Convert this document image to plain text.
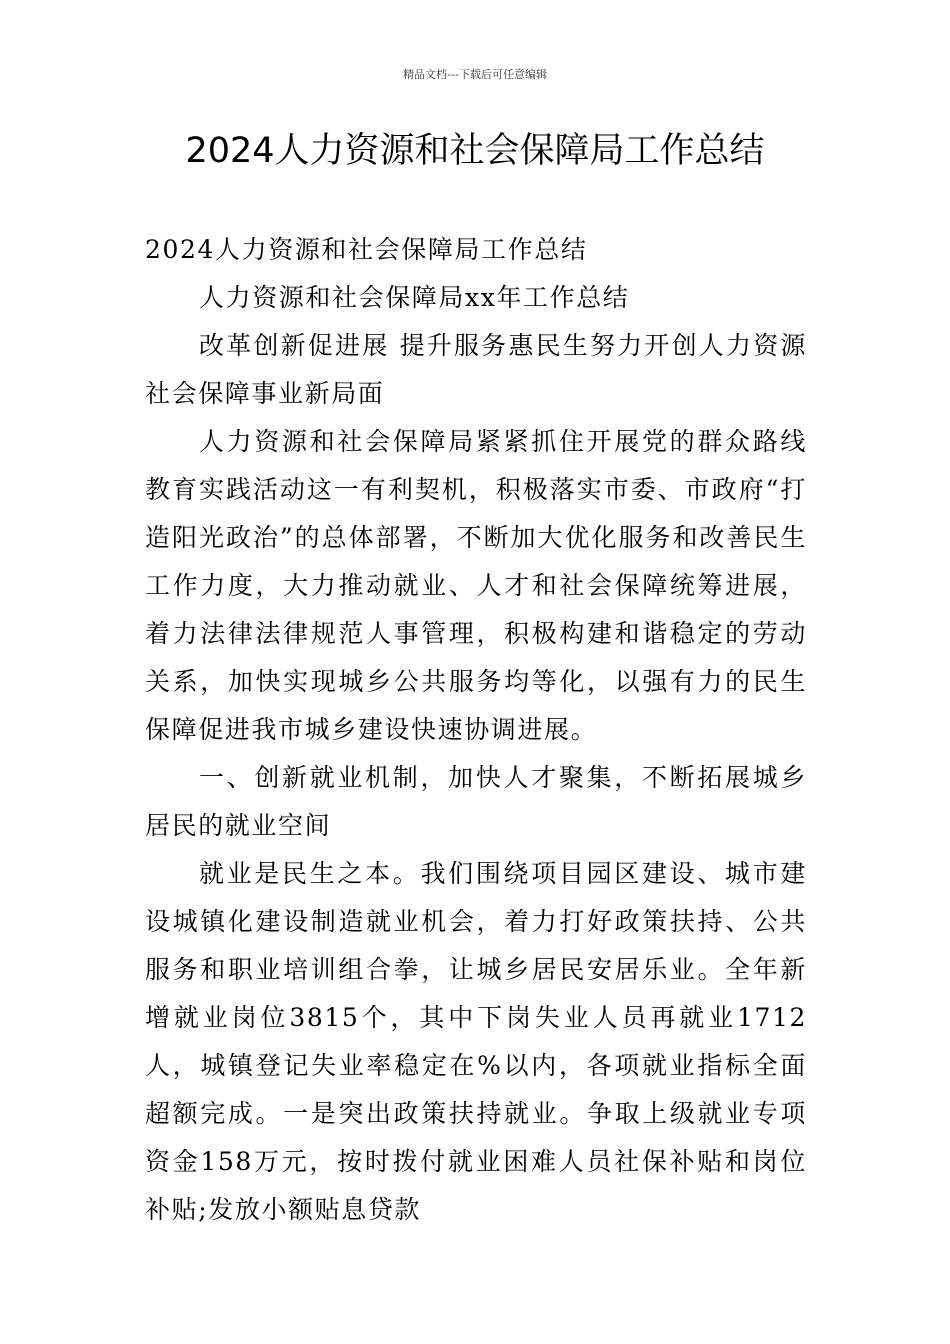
精品文档---下载后可任意编辑
2024人力资源和社会保障局工作总结

2024人力资源和社会保障局工作总结

人力资源和社会保障局xx年工作总结

改革创新促进展 提升服务惠民生努力开创人力资源社会保障事业新局面

人力资源和社会保障局紧紧抓住开展党的群众路线教育实践活动这一有利契机，积极落实市委、市政府“打造阳光政治”的总体部署，不断加大优化服务和改善民生工作力度，大力推动就业、人才和社会保障统筹进展，着力法律法律规范人事管理，积极构建和谐稳定的劳动关系，加快实现城乡公共服务均等化，以强有力的民生保障促进我市城乡建设快速协调进展。

一、创新就业机制，加快人才聚集，不断拓展城乡居民的就业空间

就业是民生之本。我们围绕项目园区建设、城市建设城镇化建设制造就业机会，着力打好政策扶持、公共服务和职业培训组合拳，让城乡居民安居乐业。全年新增就业岗位3815个，其中下岗失业人员再就业1712人，城镇登记失业率稳定在%以内，各项就业指标全面超额完成。一是突出政策扶持就业。争取上级就业专项资金158万元，按时拨付就业困难人员社保补贴和岗位补贴;发放小额贴息贷款
